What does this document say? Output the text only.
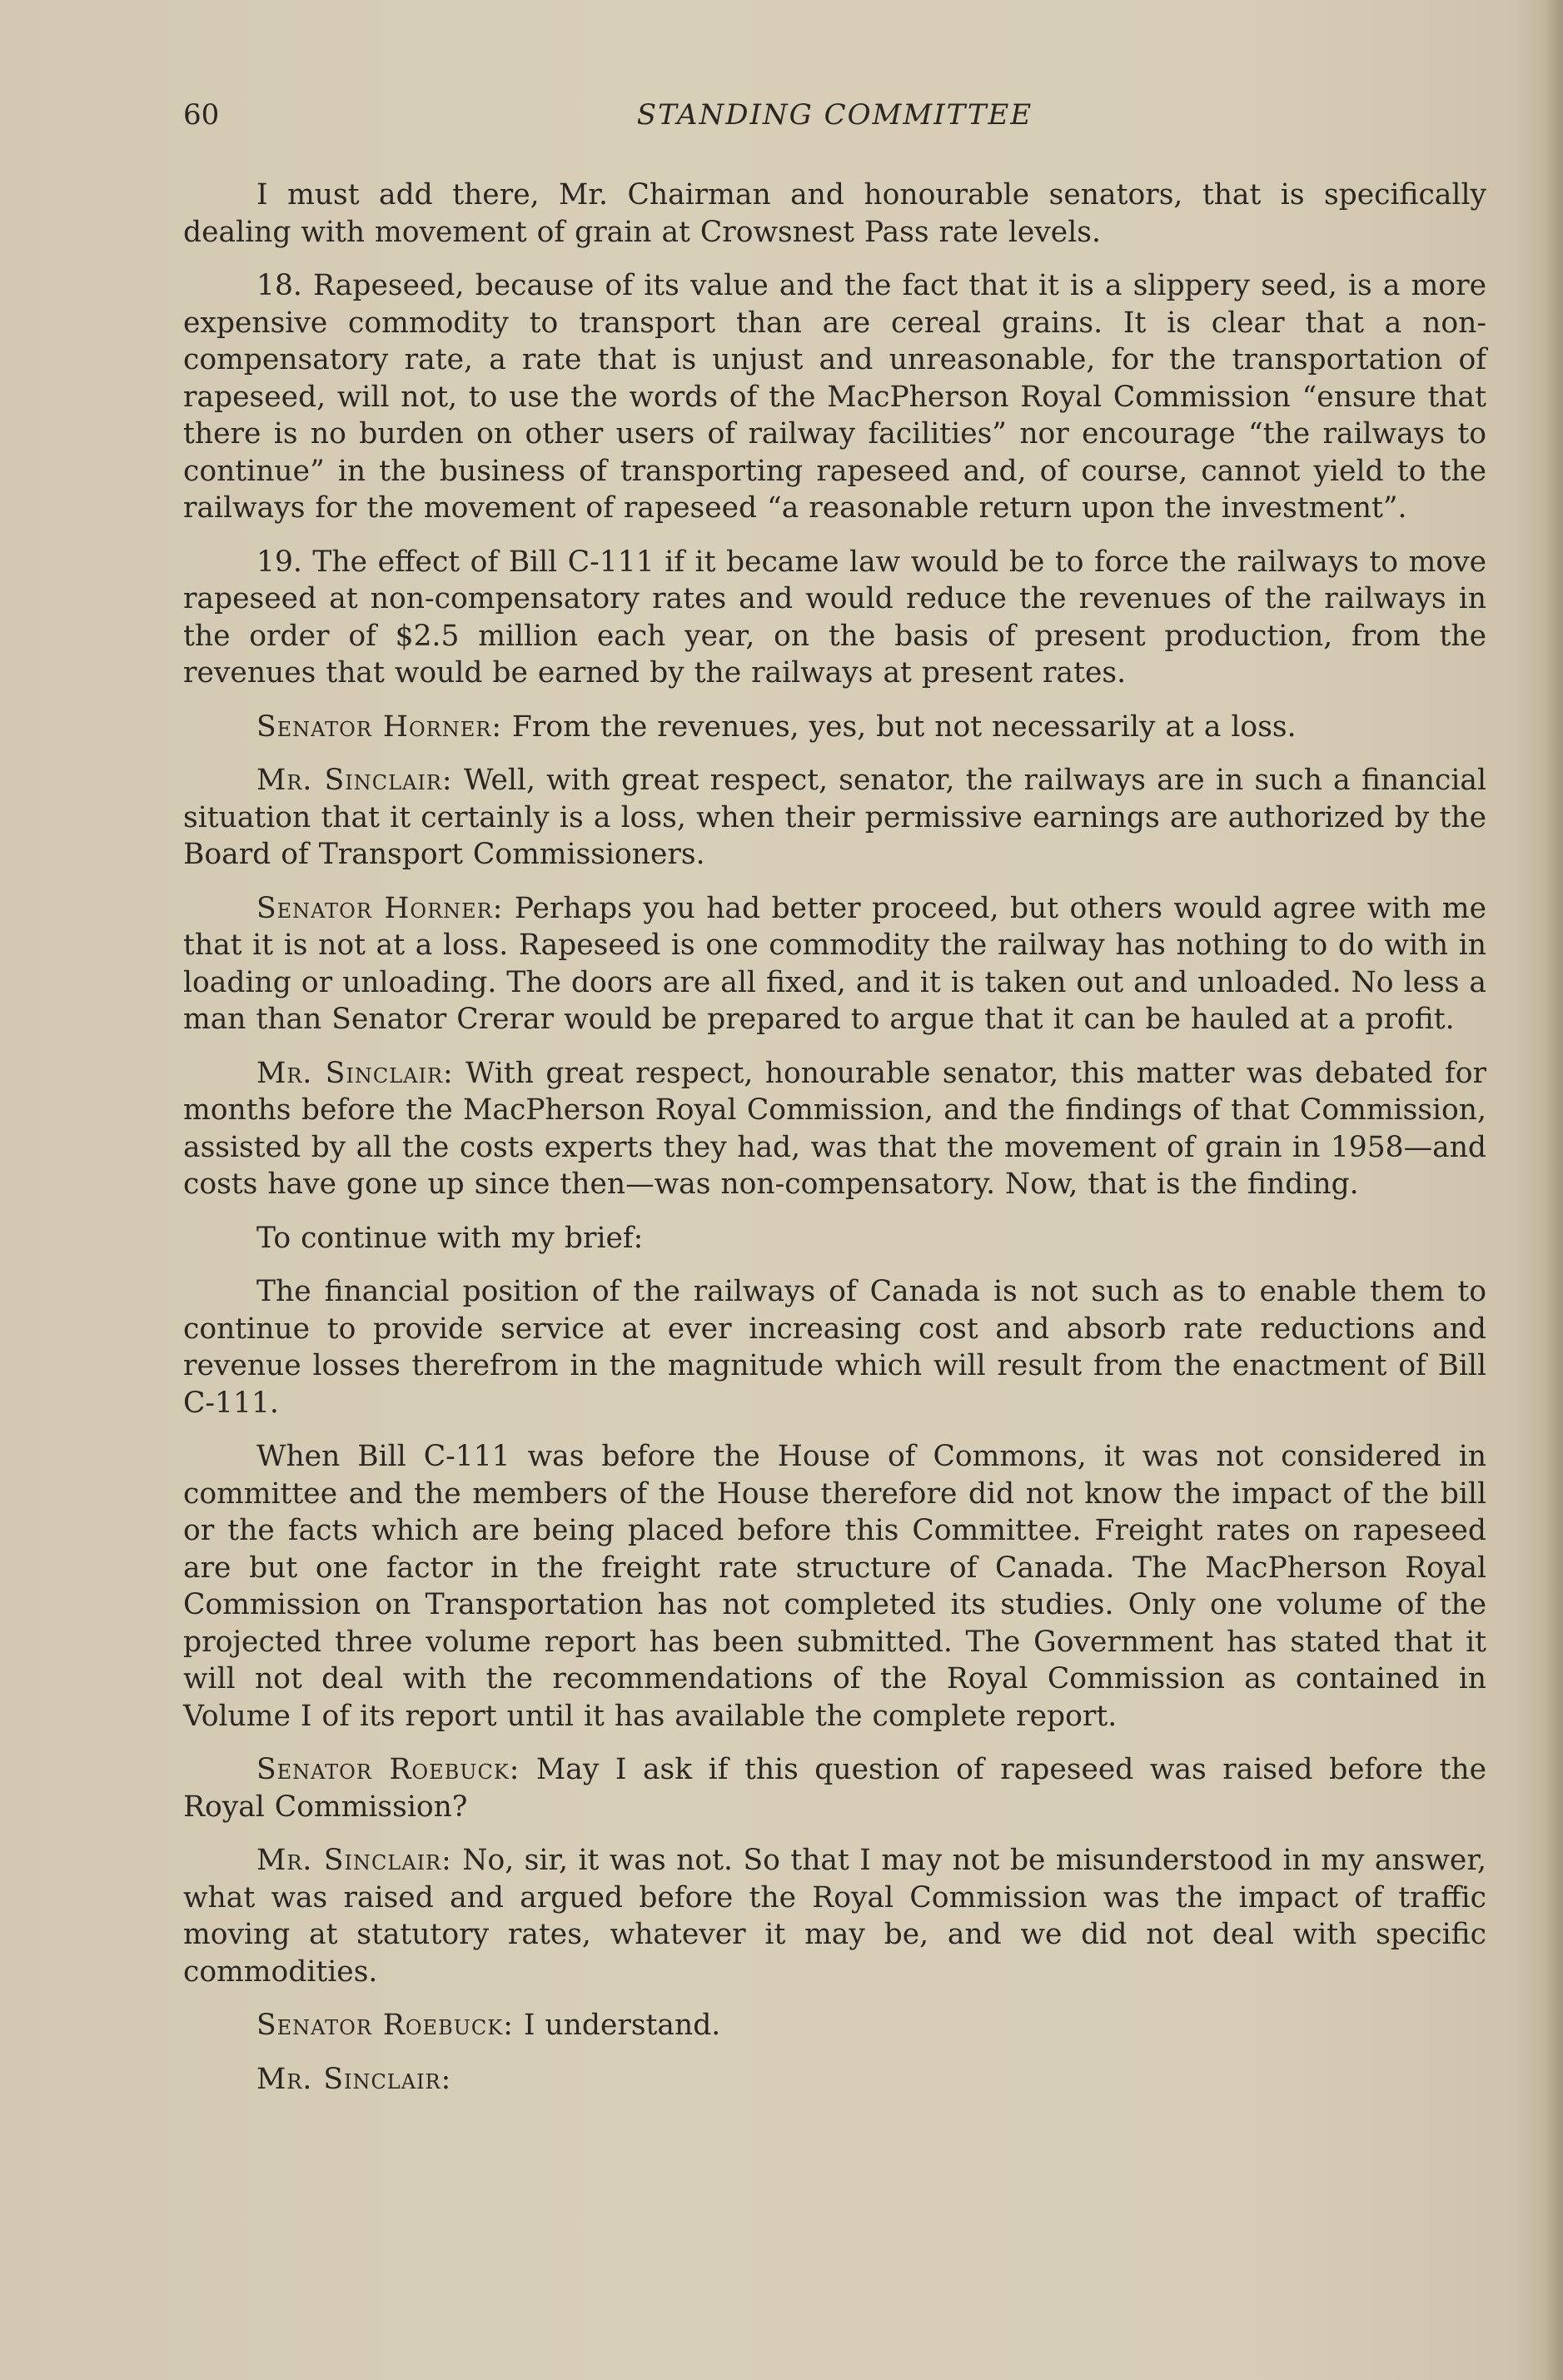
60	STANDING COMMITTEE

I must add there, Mr. Chairman and honourable senators, that is specifically dealing with movement of grain at Crowsnest Pass rate levels.

18. Rapeseed, because of its value and the fact that it is a slippery seed, is a more expensive commodity to transport than are cereal grains. It is clear that a non-compensatory rate, a rate that is unjust and unreasonable, for the transportation of rapeseed, will not, to use the words of the MacPherson Royal Commission “ensure that there is no burden on other users of railway facilities” nor encourage “the railways to continue” in the business of transporting rapeseed and, of course, cannot yield to the railways for the movement of rapeseed “a reasonable return upon the investment”.

19. The effect of Bill C-111 if it became law would be to force the railways to move rapeseed at non-compensatory rates and would reduce the revenues of the railways in the order of $2.5 million each year, on the basis of present production, from the revenues that would be earned by the railways at present rates.

Senator Horner: From the revenues, yes, but not necessarily at a loss.

Mr. Sinclair: Well, with great respect, senator, the railways are in such a financial situation that it certainly is a loss, when their permissive earnings are authorized by the Board of Transport Commissioners.

Senator Horner: Perhaps you had better proceed, but others would agree with me that it is not at a loss. Rapeseed is one commodity the railway has nothing to do with in loading or unloading. The doors are all fixed, and it is taken out and unloaded. No less a man than Senator Crerar would be prepared to argue that it can be hauled at a profit.

Mr. Sinclair: With great respect, honourable senator, this matter was debated for months before the MacPherson Royal Commission, and the findings of that Commission, assisted by all the costs experts they had, was that the movement of grain in 1958—and costs have gone up since then—was non-compensatory. Now, that is the finding.

To continue with my brief:

The financial position of the railways of Canada is not such as to enable them to continue to provide service at ever increasing cost and absorb rate reductions and revenue losses therefrom in the magnitude which will result from the enactment of Bill C-111.

When Bill C-111 was before the House of Commons, it was not considered in committee and the members of the House therefore did not know the impact of the bill or the facts which are being placed before this Committee. Freight rates on rapeseed are but one factor in the freight rate structure of Canada. The MacPherson Royal Commission on Transportation has not completed its studies. Only one volume of the projected three volume report has been submitted. The Government has stated that it will not deal with the recommendations of the Royal Commission as contained in Volume I of its report until it has available the complete report.

Senator Roebuck: May I ask if this question of rapeseed was raised before the Royal Commission?

Mr. Sinclair: No, sir, it was not. So that I may not be misunderstood in my answer, what was raised and argued before the Royal Commission was the impact of traffic moving at statutory rates, whatever it may be, and we did not deal with specific commodities.

Senator Roebuck: I understand.

Mr. Sinclair:
